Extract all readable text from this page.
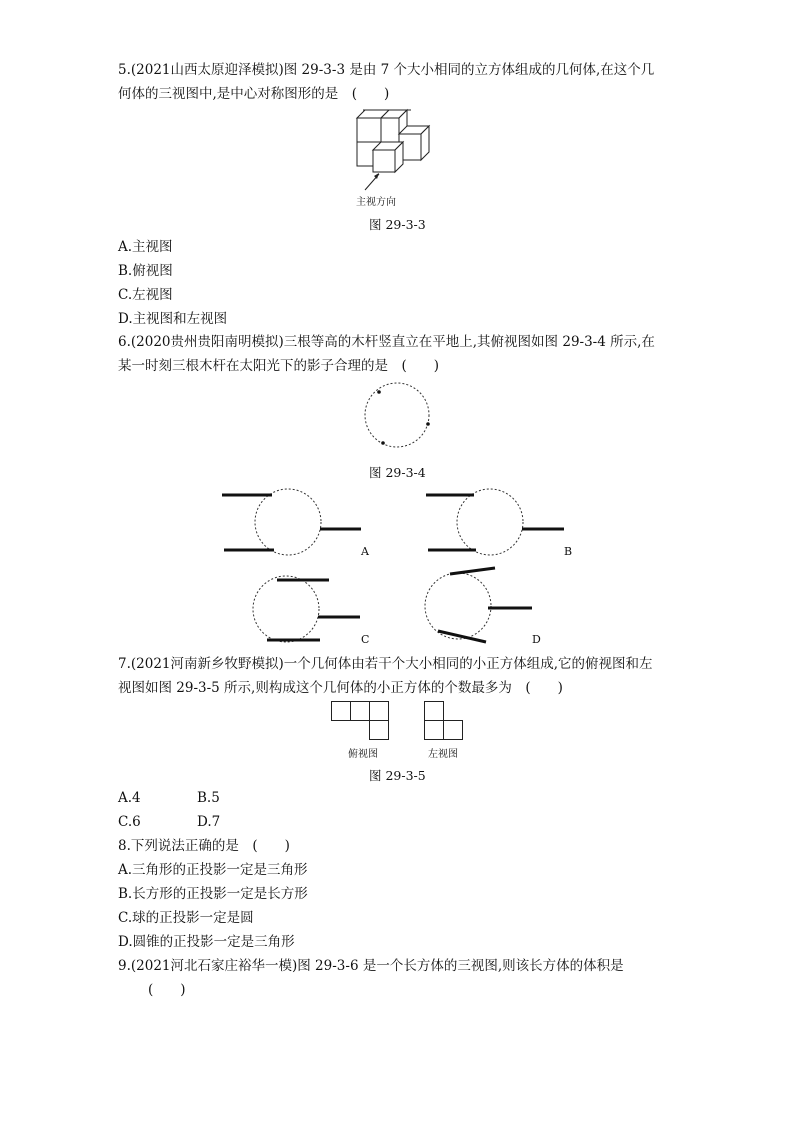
5.(2021山西太原迎泽模拟)图 29-3-3 是由 7 个大小相同的立方体组成的几何体,在这个几
何体的三视图中,是中心对称图形的是　(　　)
主视方向
图 29-3-3
A.主视图
B.俯视图
C.左视图
D.主视图和左视图
6.(2020贵州贵阳南明模拟)三根等高的木杆竖直立在平地上,其俯视图如图 29-3-4 所示,在
某一时刻三根木杆在太阳光下的影子合理的是　(　　)
图 29-3-4
A	B
C	D
7.(2021河南新乡牧野模拟)一个几何体由若干个大小相同的小正方体组成,它的俯视图和左
视图如图 29-3-5 所示,则构成这个几何体的小正方体的个数最多为　(　　)
俯视图	左视图
图 29-3-5
A.4	B.5
C.6	D.7
8.下列说法正确的是　(　　)
A.三角形的正投影一定是三角形
B.长方形的正投影一定是长方形
C.球的正投影一定是圆
D.圆锥的正投影一定是三角形
9.(2021河北石家庄裕华一模)图 29-3-6 是一个长方体的三视图,则该长方体的体积是
(　　)
